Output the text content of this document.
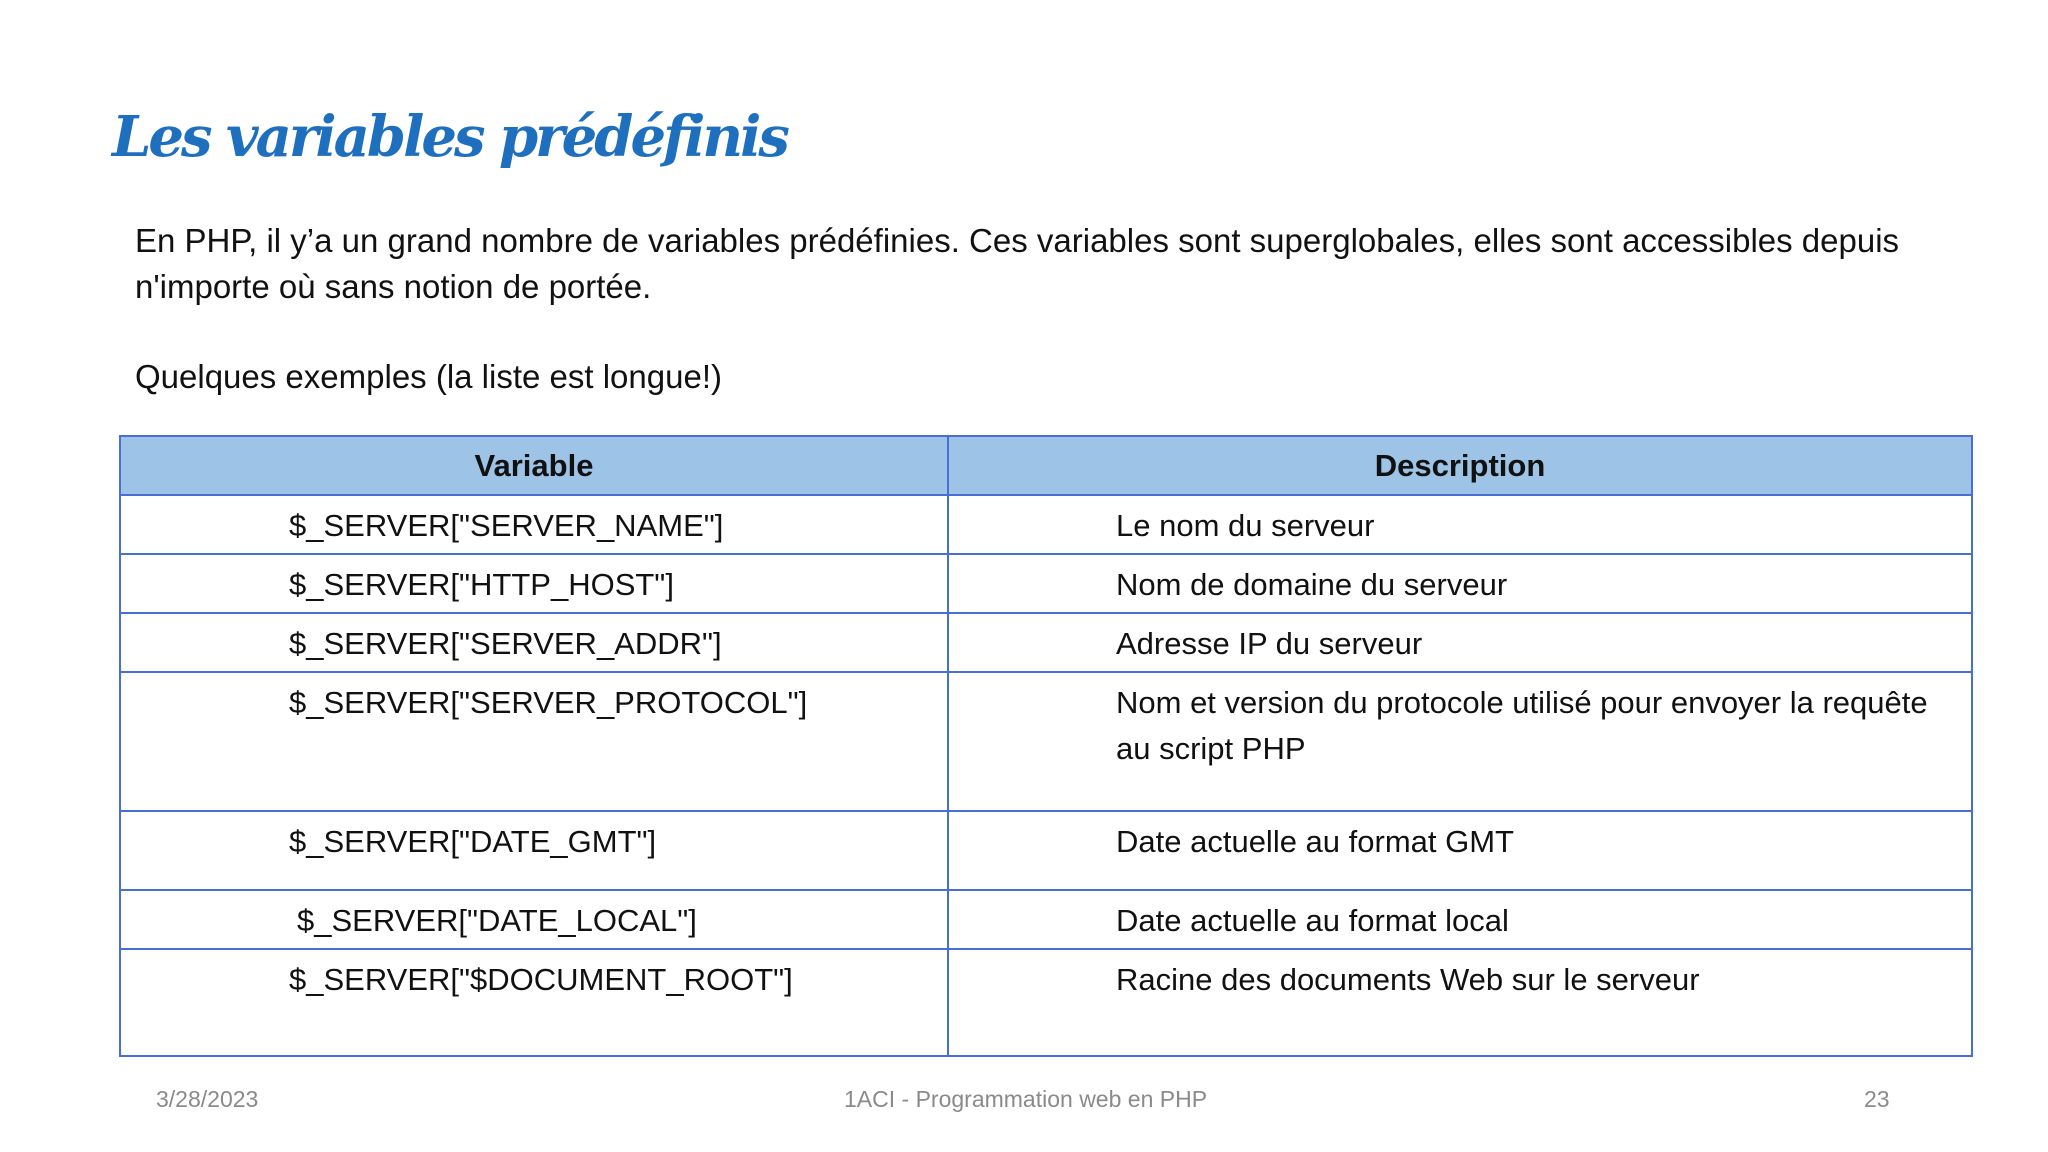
Les variables prédéfinis

En PHP, il y’a un grand nombre de variables prédéfinies. Ces variables sont superglobales, elles sont accessibles depuis n'importe où sans notion de portée.

Quelques exemples (la liste est longue!)
Variable	Description

$_SERVER["SERVER_NAME"]	Le nom du serveur

$_SERVER["HTTP_HOST"]	Nom de domaine du serveur

$_SERVER["SERVER_ADDR"]	Adresse IP du serveur

$_SERVER["SERVER_PROTOCOL"]	Nom et version du protocole utilisé pour envoyer la requête au script PHP

$_SERVER["DATE_GMT"]	Date actuelle au format GMT

$_SERVER["DATE_LOCAL"]	Date actuelle au format local

$_SERVER["$DOCUMENT_ROOT"]	Racine des documents Web sur le serveur
3/28/2023	1ACI - Programmation web en PHP	23
